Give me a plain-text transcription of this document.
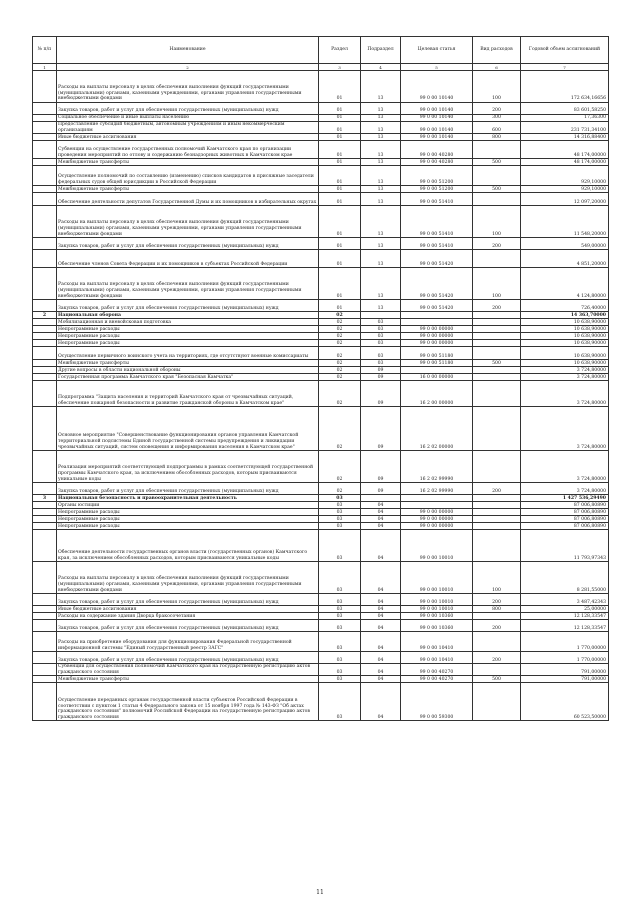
№ п/п	Наименование	Раздел	Подраздел	Целевая статья	Вид расходов	Годовой объем ассигнований
1	2	3	4	5	6	7
	Расходы на выплаты персоналу в целях обеспечения выполнения функций государственными (муниципальными) органами, казенными учреждениями, органами управления государственными внебюджетными фондами	01	13	99 0 00 10140	100	172 634,16656
	Закупка товаров, работ и услуг для обеспечения государственных (муниципальных) нужд	01	13	99 0 00 10140	200	83 601,58250
	Социальное обеспечение и иные выплаты населению	01	13	99 0 00 10140	300	17,36300
	Предоставление субсидий бюджетным, автономным учреждениям и иным некоммерческим организациям	01	13	99 0 00 10140	600	231 731,34100
	Иные бюджетные ассигнования	01	13	99 0 00 10140	800	14 316,88400
	Субвенции на осуществление государственных полномочий Камчатского края по организации проведения мероприятий по отлову и содержанию безнадзорных животных в Камчатском крае	01	13	99 0 00 40280		48 174,00000
	Межбюджетные трансферты	01	13	99 0 00 40280	500	48 174,00000
	Осуществление полномочий по составлению (изменению) списков кандидатов в присяжные заседатели федеральных судов общей юрисдикции в Российской Федерации	01	13	99 0 00 51200		929,10000
	Межбюджетные трансферты	01	13	99 0 00 51200	500	929,10000
	Обеспечение деятельности депутатов Государственной Думы и их помощников в избирательных округах	01	13	99 0 00 51410		12 097,20000
	Расходы на выплаты персоналу в целях обеспечения выполнения функций государственными (муниципальными) органами, казенными учреждениями, органами управления государственными внебюджетными фондами	01	13	99 0 00 51410	100	11 548,20000
	Закупка товаров, работ и услуг для обеспечения государственных (муниципальных) нужд	01	13	99 0 00 51410	200	549,00000
	Обеспечение членов Совета Федерации и их помощников в субъектах Российской Федерации	01	13	99 0 00 51420		4 851,20000
	Расходы на выплаты персоналу в целях обеспечения выполнения функций государственными (муниципальными) органами, казенными учреждениями, органами управления государственными внебюджетными фондами	01	13	99 0 00 51420	100	4 124,80000
	Закупка товаров, работ и услуг для обеспечения государственных (муниципальных) нужд	01	13	99 0 00 51420	200	726,40000
2	Национальная оборона	02				14 363,70000
	Мобилизационная и вневойсковая подготовка	02	03			10 638,90000
	Непрограммные расходы	02	03	99 0 00 00000		10 638,90000
	Непрограммные расходы	02	03	99 0 00 00000		10 638,90000
	Непрограммные расходы	02	03	99 0 00 00000		10 638,90000
	Осуществление первичного воинского учета на территориях, где отсутствуют военные комиссариаты	02	03	99 0 00 51180		10 638,90000
	Межбюджетные трансферты	02	03	99 0 00 51180	500	10 638,90000
	Другие вопросы в области национальной обороны	02	09			3 724,80000
	Государственная программа Камчатского края "Безопасная Камчатка"	02	09	16 0 00 00000		3 724,80000
	Подпрограмма "Защита населения и территорий Камчатского края от чрезвычайных ситуаций, обеспечение пожарной безопасности и развитие гражданской обороны в Камчатском крае"	02	09	16 2 00 00000		3 724,80000
	Основное мероприятие "Совершенствование функционирования органов управления Камчатской территориальной подсистемы Единой государственной системы предупреждения и ликвидации чрезвычайных ситуаций, систем оповещения и информирования населения в Камчатском крае"	02	09	16 2 02 00000		3 724,80000
	Реализация мероприятий соответствующей подпрограммы в рамках соответствующей государственной программы Камчатского края, за исключением обособленных расходов, которым присваиваются уникальные коды	02	09	16 2 02 99990		3 724,80000
	Закупка товаров, работ и услуг для обеспечения государственных (муниципальных) нужд	02	09	16 2 02 99990	200	3 724,80000
3	Национальная безопасность и правоохранительная деятельность	03				1 427 536,29490
	Органы юстиции	03	04			87 006,80890
	Непрограммные расходы	03	04	99 0 00 00000		87 006,80890
	Непрограммные расходы	03	04	99 0 00 00000		87 006,80890
	Непрограммные расходы	03	04	99 0 00 00000		87 006,80890
	Обеспечение деятельности государственных органов власти (государственных органов) Камчатского края, за исключением обособленных расходов, которым присваиваются уникальные коды	03	04	99 0 00 10010		11 793,97343
	Расходы на выплаты персоналу в целях обеспечения выполнения функций государственными (муниципальными) органами, казенными учреждениями, органами управления государственными внебюджетными фондами	03	04	99 0 00 10010	100	8 281,55000
	Закупка товаров, работ и услуг для обеспечения государственных (муниципальных) нужд	03	04	99 0 00 10010	200	3 487,42343
	Иные бюджетные ассигнования	03	04	99 0 00 10010	800	25,00000
	Расходы на содержание здания Дворца бракосочетания	03	04	99 0 00 10360		12 128,33547
	Закупка товаров, работ и услуг для обеспечения государственных (муниципальных) нужд	03	04	99 0 00 10360	200	12 128,33547
	Расходы на приобретение оборудования для функционирования Федеральной государственной информационной системы "Единый государственный реестр ЗАГС"	03	04	99 0 00 10410		1 770,00000
	Закупка товаров, работ и услуг для обеспечения государственных (муниципальных) нужд	03	04	99 0 00 10410	200	1 770,00000
	Субвенции для осуществления полномочий Камчатского края на государственную регистрацию актов гражданского состояния	03	04	99 0 00 40270		791,00000
	Межбюджетные трансферты	03	04	99 0 00 40270	500	791,00000
	Осуществление переданных органам государственной власти субъектов Российской Федерации в соответствии с пунктом 1 статьи 4 Федерального закона от 15 ноября 1997 года № 143-ФЗ "Об актах гражданского состояния" полномочий Российской Федерации на государственную регистрацию актов гражданского состояния	03	04	99 0 00 59300		60 523,50000
11
